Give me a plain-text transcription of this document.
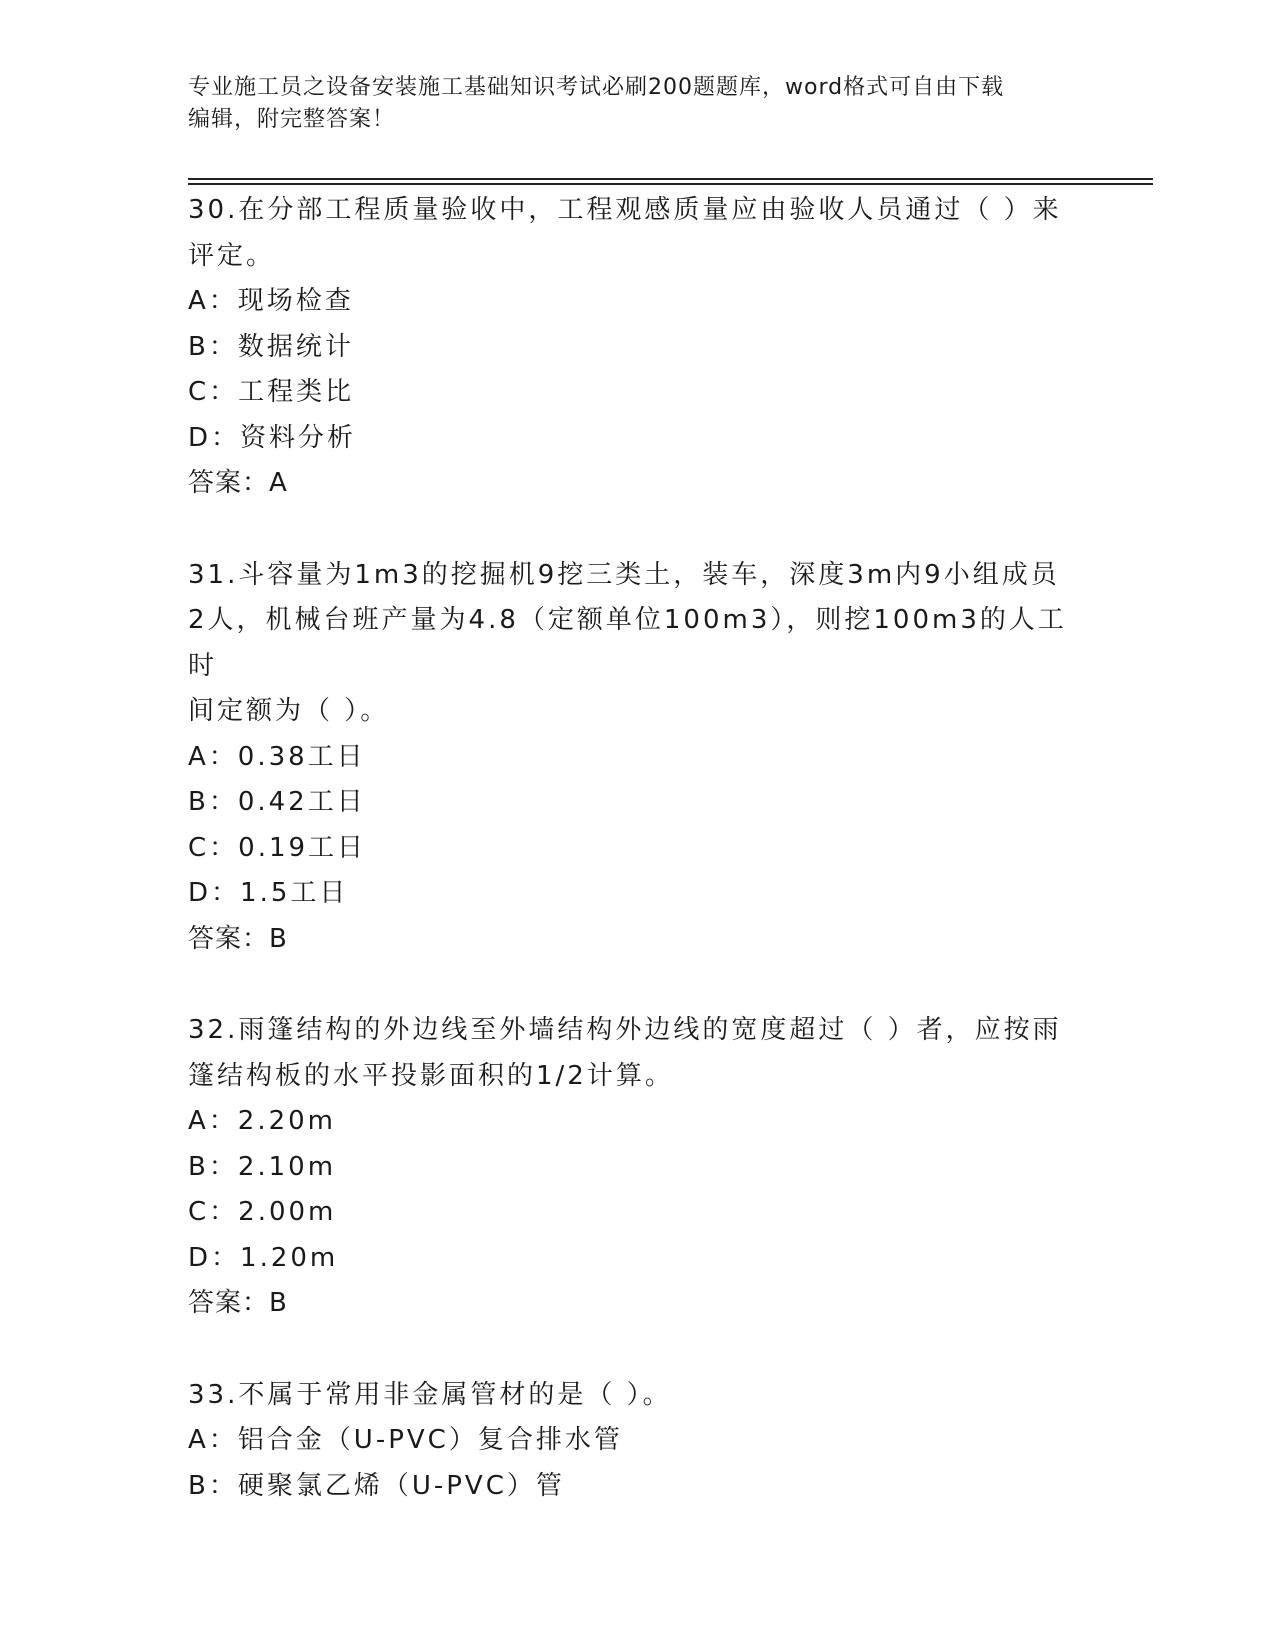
专业施工员之设备安装施工基础知识考试必刷200题题库，word格式可自由下载
编辑，附完整答案！

30.在分部工程质量验收中，工程观感质量应由验收人员通过（ ）来

评定。

A：现场检查

B：数据统计

C：工程类比

D：资料分析

答案：A

31.斗容量为1m3的挖掘机9挖三类土，装车，深度3m内9小组成员

2人，机械台班产量为4.8（定额单位100m3），则挖100m3的人工时

间定额为（ ）。

A：0.38工日

B：0.42工日

C：0.19工日

D：1.5工日

答案：B

32.雨篷结构的外边线至外墙结构外边线的宽度超过（ ）者，应按雨

篷结构板的水平投影面积的1/2计算。

A：2.20m

B：2.10m

C：2.00m

D：1.20m

答案：B

33.不属于常用非金属管材的是（ ）。

A：铝合金（U-PVC）复合排水管

B：硬聚氯乙烯（U-PVC）管
